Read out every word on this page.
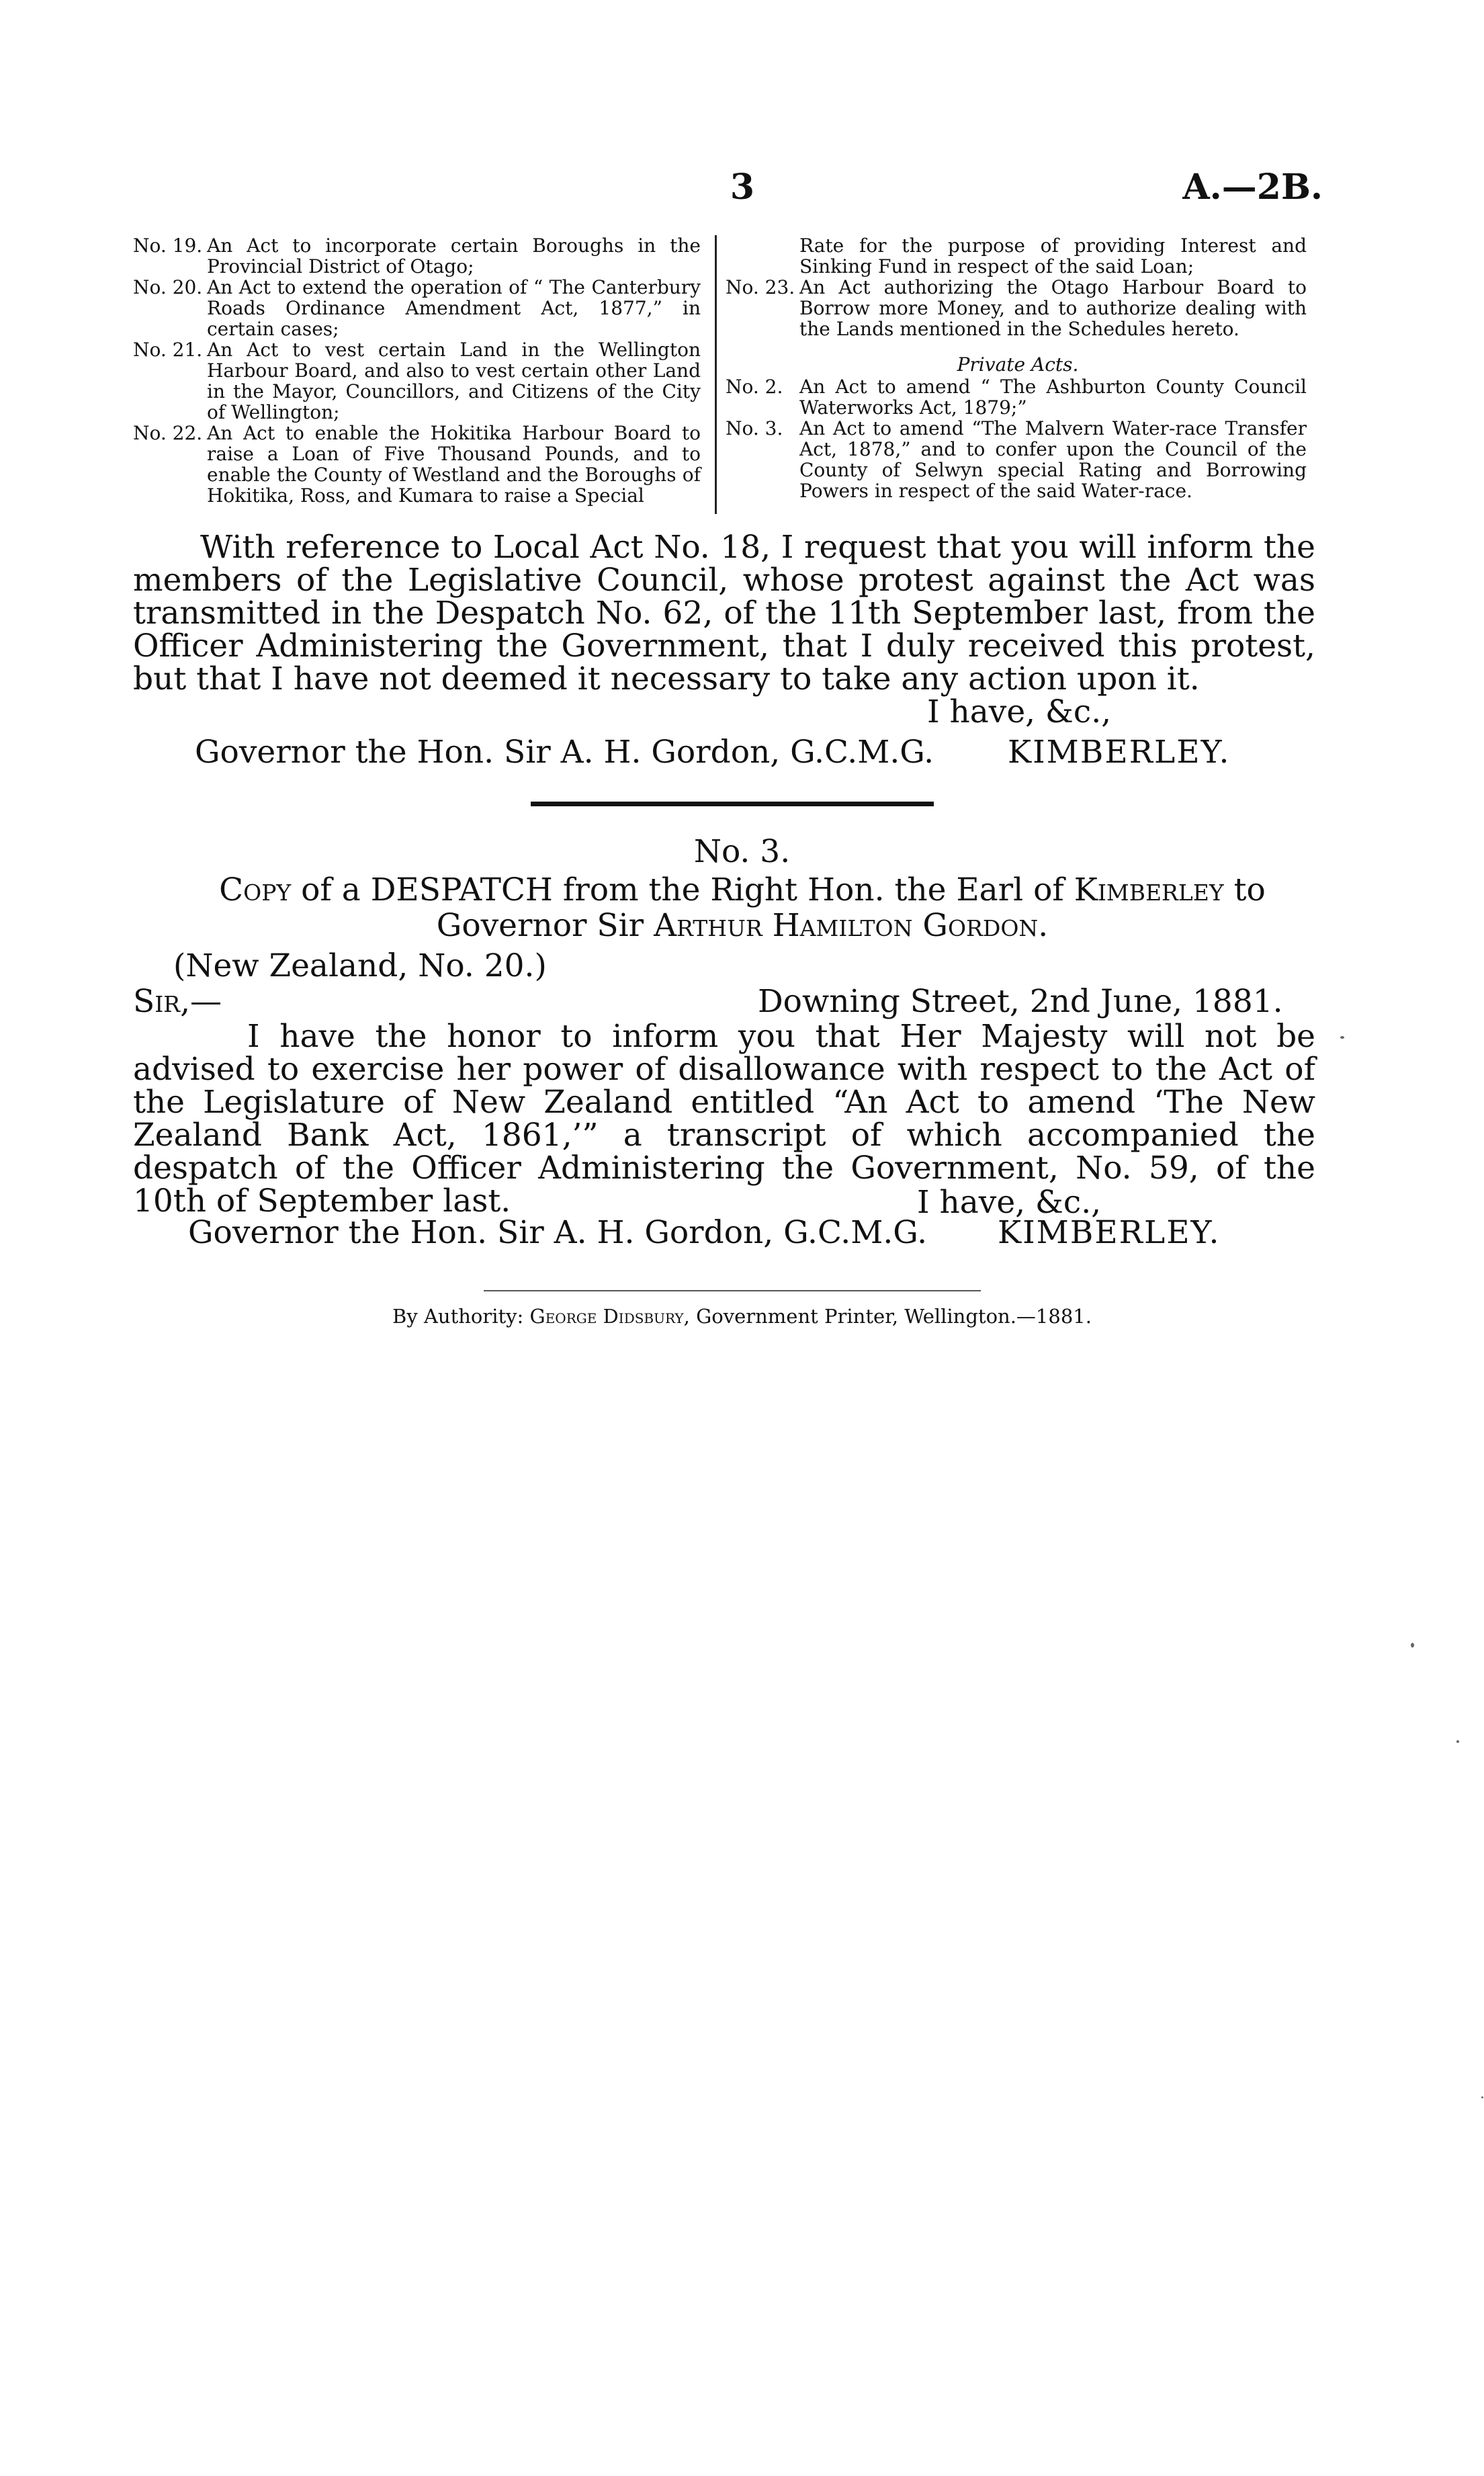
3	A.—2B.
No. 19. An Act to incorporate certain Boroughs in the Provincial District of Otago;
No. 20. An Act to extend the operation of “ The Canterbury Roads Ordinance Amendment Act, 1877,” in certain cases;
No. 21. An Act to vest certain Land in the Wellington Harbour Board, and also to vest certain other Land in the Mayor, Councillors, and Citizens of the City of Wellington;
No. 22. An Act to enable the Hokitika Harbour Board to raise a Loan of Five Thousand Pounds, and to enable the County of Westland and the Boroughs of Hokitika, Ross, and Kumara to raise a Special
Rate for the purpose of providing Interest and Sinking Fund in respect of the said Loan;
No. 23. An Act authorizing the Otago Harbour Board to Borrow more Money, and to authorize dealing with the Lands mentioned in the Schedules hereto.
Private Acts.
No. 2. An Act to amend “ The Ashburton County Council Waterworks Act, 1879;”
No. 3. An Act to amend “The Malvern Water-race Transfer Act, 1878,” and to confer upon the Council of the County of Selwyn special Rating and Borrowing Powers in respect of the said Water-race.
With reference to Local Act No. 18, I request that you will inform the members of the Legislative Council, whose protest against the Act was transmitted in the Despatch No. 62, of the 11th September last, from the Officer Administering the Government, that I duly received this protest, but that I have not deemed it necessary to take any action upon it.
I have, &c.,
Governor the Hon. Sir A. H. Gordon, G.C.M.G. KIMBERLEY.
No. 3.
Copy of a DESPATCH from the Right Hon. the Earl of Kimberley to Governor Sir Arthur Hamilton Gordon.
(New Zealand, No. 20.)
Sir,—	Downing Street, 2nd June, 1881.
I have the honor to inform you that Her Majesty will not be advised to exercise her power of disallowance with respect to the Act of the Legislature of New Zealand entitled “An Act to amend ‘The New Zealand Bank Act, 1861,’” a transcript of which accompanied the despatch of the Officer Administering the Government, No. 59, of the 10th of September last.	I have, &c.,
Governor the Hon. Sir A. H. Gordon, G.C.M.G. KIMBERLEY.
By Authority: George Didsbury, Government Printer, Wellington.—1881.
